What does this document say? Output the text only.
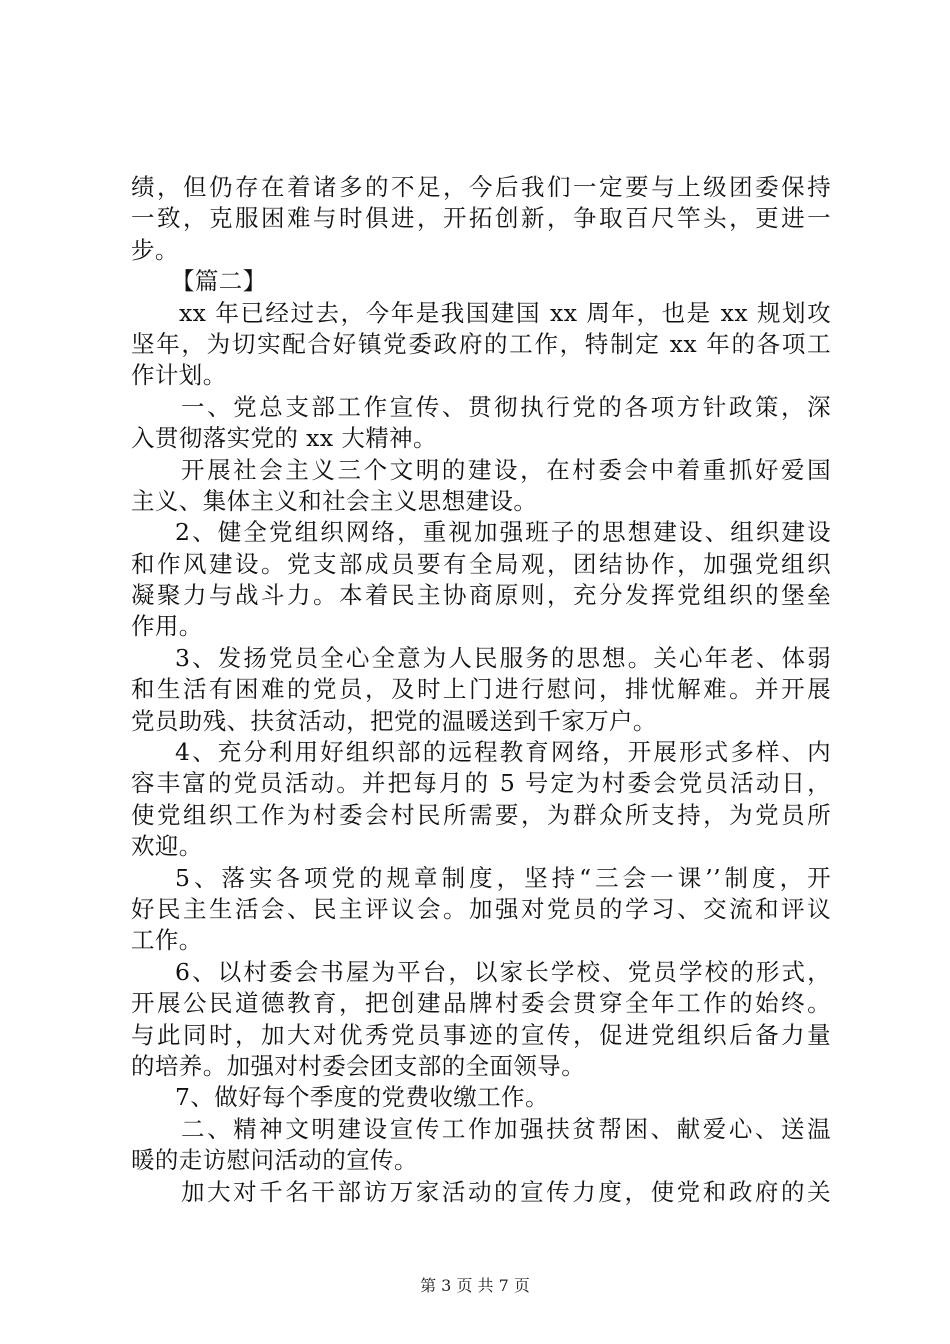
绩，但仍存在着诸多的不足，今后我们一定要与上级团委保持
一致，克服困难与时俱进，开拓创新，争取百尺竿头，更进一
步。
【篇二】
xx 年已经过去，今年是我国建国 xx 周年，也是 xx 规划攻
坚年，为切实配合好镇党委政府的工作，特制定 xx 年的各项工
作计划。
一、党总支部工作宣传、贯彻执行党的各项方针政策，深
入贯彻落实党的 xx 大精神。
开展社会主义三个文明的建设，在村委会中着重抓好爱国
主义、集体主义和社会主义思想建设。
2、健全党组织网络，重视加强班子的思想建设、组织建设
和作风建设。党支部成员要有全局观，团结协作，加强党组织
凝聚力与战斗力。本着民主协商原则，充分发挥党组织的堡垒
作用。
3、发扬党员全心全意为人民服务的思想。关心年老、体弱
和生活有困难的党员，及时上门进行慰问，排忧解难。并开展
党员助残、扶贫活动，把党的温暖送到千家万户。
4、充分利用好组织部的远程教育网络，开展形式多样、内
容丰富的党员活动。并把每月的 5 号定为村委会党员活动日，
使党组织工作为村委会村民所需要，为群众所支持，为党员所
欢迎。
5、落实各项党的规章制度，坚持“三会一课’’制度，开
好民主生活会、民主评议会。加强对党员的学习、交流和评议
工作。
6、以村委会书屋为平台，以家长学校、党员学校的形式，
开展公民道德教育，把创建品牌村委会贯穿全年工作的始终。
与此同时，加大对优秀党员事迹的宣传，促进党组织后备力量
的培养。加强对村委会团支部的全面领导。
7、做好每个季度的党费收缴工作。
二、精神文明建设宣传工作加强扶贫帮困、献爱心、送温
暖的走访慰问活动的宣传。
加大对千名干部访万家活动的宣传力度，使党和政府的关
第 3 页 共 7 页
